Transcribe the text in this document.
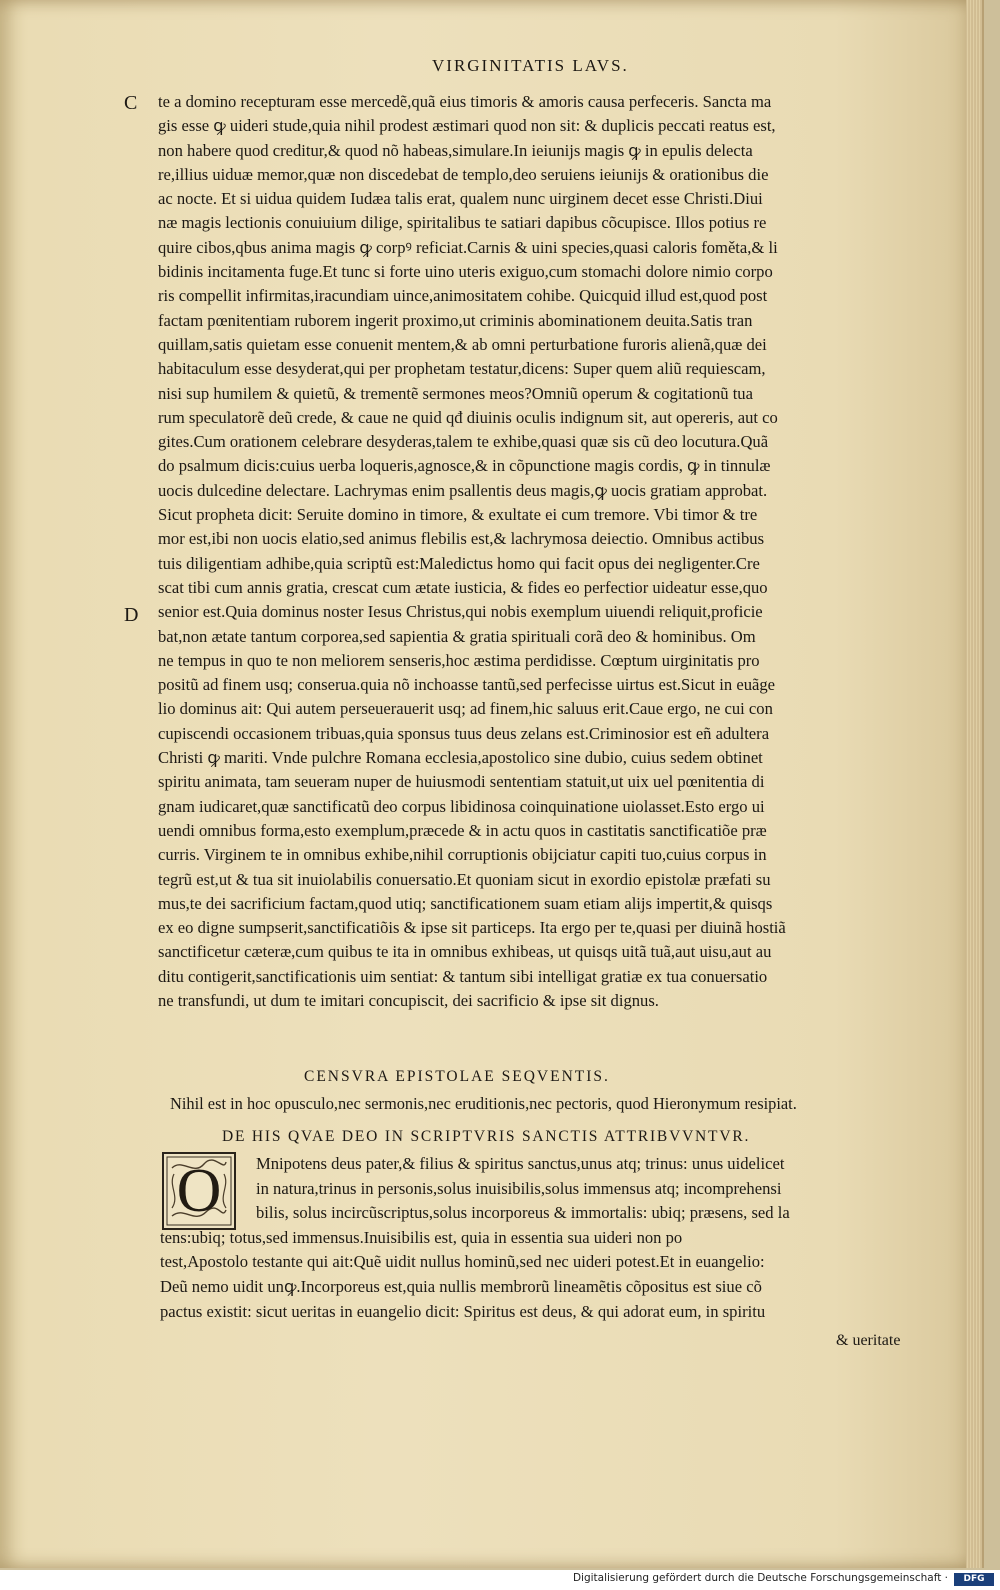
VIRGINITATIS LAVS.
C
D

te a domino recepturam esse mercedẽ,quã eius timoris & amoris causa perfeceris. Sancta ma

gis esse ꝙ uideri stude,quia nihil prodest æstimari quod non sit: & duplicis peccati reatus est,

non habere quod creditur,& quod nõ habeas,simulare.In ieiunijs magis ꝙ in epulis delecta

re,illius uiduæ memor,quæ non discedebat de templo,deo seruiens ieiunijs & orationibus die

ac nocte. Et si uidua quidem Iudæa talis erat, qualem nunc uirginem decet esse Christi.Diui

næ magis lectionis conuiuium dilige, spiritalibus te satiari dapibus cõcupisce. Illos potius re

quire cibos,qbus anima magis ꝙ corpꝰ reficiat.Carnis & uini species,quasi caloris foměta,& li

bidinis incitamenta fuge.Et tunc si forte uino uteris exiguo,cum stomachi dolore nimio corpo

ris compellit infirmitas,iracundiam uince,animositatem cohibe. Quicquid illud est,quod post

factam pœnitentiam ruborem ingerit proximo,ut criminis abominationem deuita.Satis tran

quillam,satis quietam esse conuenit mentem,& ab omni perturbatione furoris alienã,quæ dei

habitaculum esse desyderat,qui per prophetam testatur,dicens: Super quem aliũ requiescam,

nisi sup humilem & quietũ, & trementẽ sermones meos?Omniũ operum & cogitationũ tua

rum speculatorẽ deũ crede, & caue ne quid qđ diuinis oculis indignum sit, aut opereris, aut co

gites.Cum orationem celebrare desyderas,talem te exhibe,quasi quæ sis cũ deo locutura.Quã

do psalmum dicis:cuius uerba loqueris,agnosce,& in cõpunctione magis cordis, ꝙ in tinnulæ

uocis dulcedine delectare. Lachrymas enim psallentis deus magis,ꝙ uocis gratiam approbat.

Sicut propheta dicit: Seruite domino in timore, & exultate ei cum tremore. Vbi timor & tre

mor est,ibi non uocis elatio,sed animus flebilis est,& lachrymosa deiectio. Omnibus actibus

tuis diligentiam adhibe,quia scriptũ est:Maledictus homo qui facit opus dei negligenter.Cre

scat tibi cum annis gratia, crescat cum ætate iusticia, & fides eo perfectior uideatur esse,quo

senior est.Quia dominus noster Iesus Christus,qui nobis exemplum uiuendi reliquit,proficie

bat,non ætate tantum corporea,sed sapientia & gratia spirituali corã deo & hominibus. Om

ne tempus in quo te non meliorem senseris,hoc æstima perdidisse. Cœptum uirginitatis pro

positũ ad finem usq; conserua.quia nõ inchoasse tantũ,sed perfecisse uirtus est.Sicut in euãge

lio dominus ait: Qui autem perseuerauerit usq; ad finem,hic saluus erit.Caue ergo, ne cui con

cupiscendi occasionem tribuas,quia sponsus tuus deus zelans est.Criminosior est eñ adultera

Christi ꝙ mariti. Vnde pulchre Romana ecclesia,apostolico sine dubio, cuius sedem obtinet

spiritu animata, tam seueram nuper de huiusmodi sententiam statuit,ut uix uel pœnitentia di

gnam iudicaret,quæ sanctificatũ deo corpus libidinosa coinquinatione uiolasset.Esto ergo ui

uendi omnibus forma,esto exemplum,præcede & in actu quos in castitatis sanctificatiõe præ

curris. Virginem te in omnibus exhibe,nihil corruptionis obijciatur capiti tuo,cuius corpus in

tegrũ est,ut & tua sit inuiolabilis conuersatio.Et quoniam sicut in exordio epistolæ præfati su

mus,te dei sacrificium factam,quod utiq; sanctificationem suam etiam alijs impertit,& quisqs

ex eo digne sumpserit,sanctificatiõis & ipse sit particeps. Ita ergo per te,quasi per diuinã hostiã

sanctificetur cæteræ,cum quibus te ita in omnibus exhibeas, ut quisqs uitã tuã,aut uisu,aut au

ditu contigerit,sanctificationis uim sentiat: & tantum sibi intelligat gratiæ ex tua conuersatio

ne transfundi, ut dum te imitari concupiscit, dei sacrificio & ipse sit dignus.

CENSVRA EPISTOLAE SEQVENTIS.
Nihil est in hoc opusculo,nec sermonis,nec eruditionis,nec pectoris, quod Hieronymum resipiat.
DE HIS QVAE DEO IN SCRIPTVRIS SANCTIS ATTRIBVVNTVR.
O	Mnipotens deus pater,& filius & spiritus sanctus,unus atq; trinus: unus uidelicet

in natura,trinus in personis,solus inuisibilis,solus immensus atq; incomprehensi

bilis, solus incircũscriptus,solus incorporeus & immortalis: ubiq; præsens, sed la

tens:ubiq; totus,sed immensus.Inuisibilis est, quia in essentia sua uideri non po

test,Apostolo testante qui ait:Quẽ uidit nullus hominũ,sed nec uideri potest.Et in euangelio:

Deũ nemo uidit unꝙ.Incorporeus est,quia nullis membrorũ lineamẽtis cõpositus est siue cõ

pactus existit: sicut ueritas in euangelio dicit: Spiritus est deus, & qui adorat eum, in spiritu

& ueritate
Digitalisierung gefördert durch die Deutsche Forschungsgemeinschaft ·	DFG
